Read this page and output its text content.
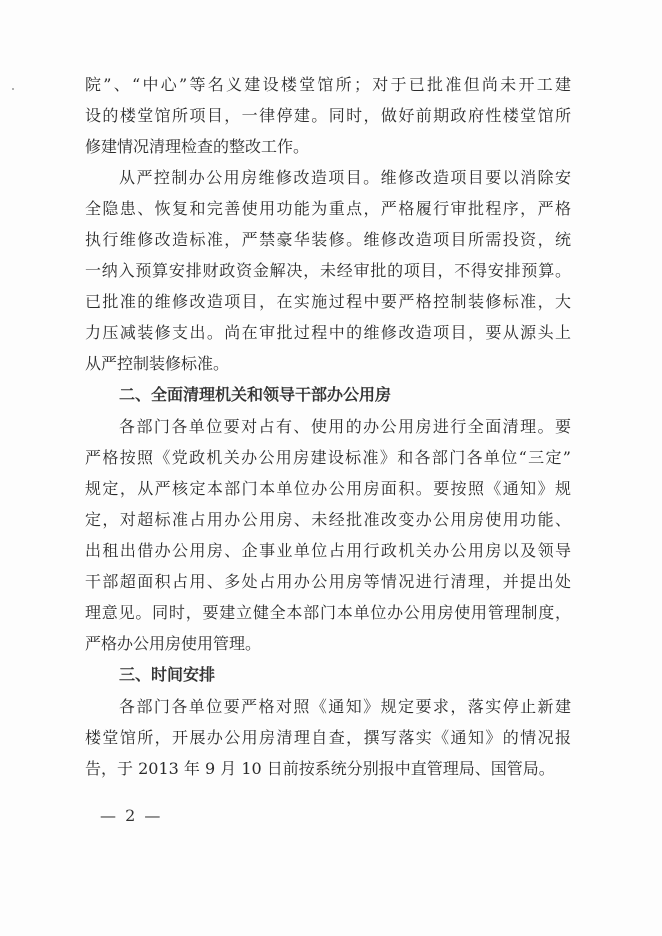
院”、“中心”等名义建设楼堂馆所；对于已批准但尚未开工建
设的楼堂馆所项目，一律停建。同时，做好前期政府性楼堂馆所
修建情况清理检查的整改工作。
从严控制办公用房维修改造项目。维修改造项目要以消除安
全隐患、恢复和完善使用功能为重点，严格履行审批程序，严格
执行维修改造标准，严禁豪华装修。维修改造项目所需投资，统
一纳入预算安排财政资金解决，未经审批的项目，不得安排预算。
已批准的维修改造项目，在实施过程中要严格控制装修标准，大
力压减装修支出。尚在审批过程中的维修改造项目，要从源头上
从严控制装修标准。
二、全面清理机关和领导干部办公用房
各部门各单位要对占有、使用的办公用房进行全面清理。要
严格按照《党政机关办公用房建设标准》和各部门各单位“三定”
规定，从严核定本部门本单位办公用房面积。要按照《通知》规
定，对超标准占用办公用房、未经批准改变办公用房使用功能、
出租出借办公用房、企事业单位占用行政机关办公用房以及领导
干部超面积占用、多处占用办公用房等情况进行清理，并提出处
理意见。同时，要建立健全本部门本单位办公用房使用管理制度，
严格办公用房使用管理。
三、时间安排
各部门各单位要严格对照《通知》规定要求，落实停止新建
楼堂馆所，开展办公用房清理自查，撰写落实《通知》的情况报
告，于 2013 年 9 月 10 日前按系统分别报中直管理局、国管局。
— 2 —
